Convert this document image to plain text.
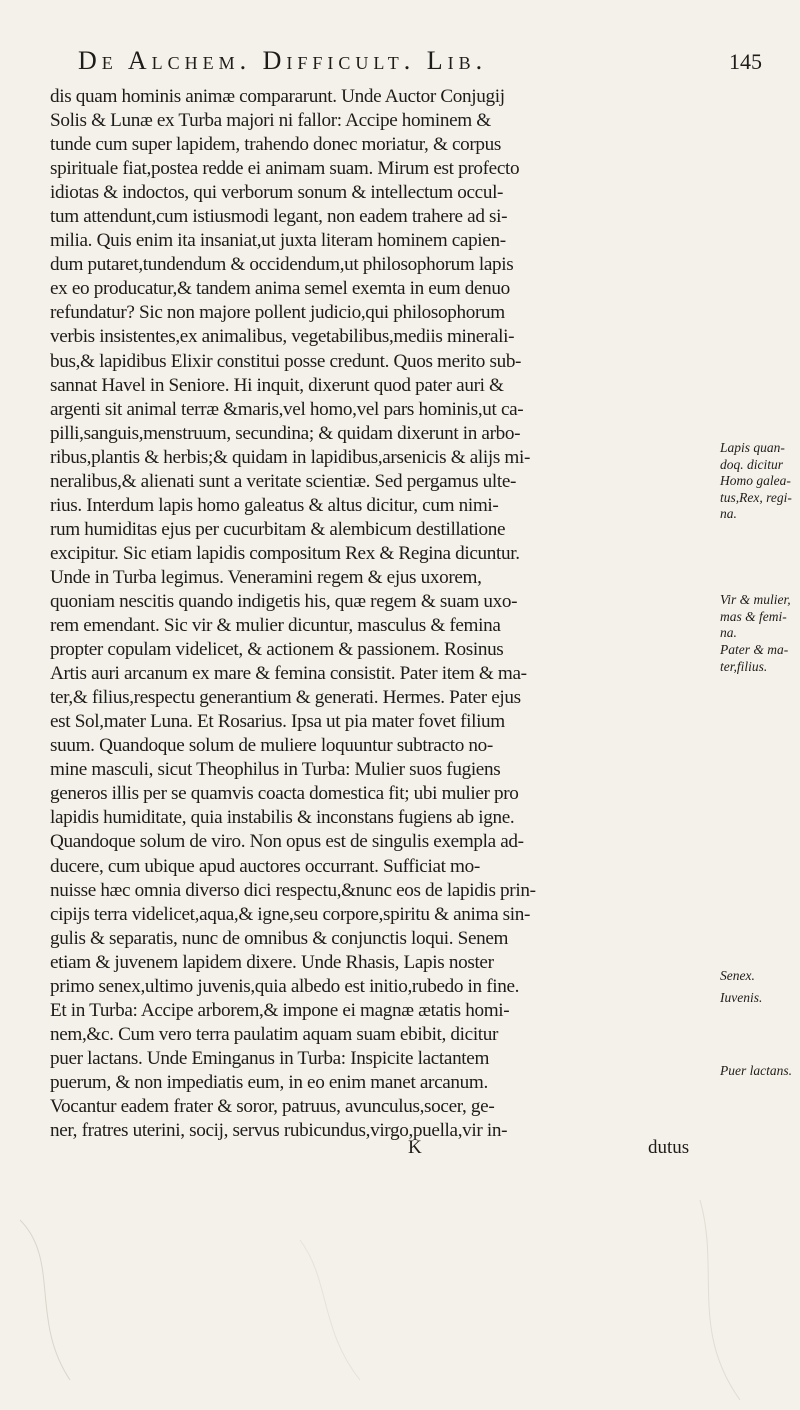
De Alchem. Difficult. Lib.	145
dis quam hominis animæ compararunt. Unde Auctor Conjugij
Solis & Lunæ ex Turba majori ni fallor: Accipe hominem &
tunde cum super lapidem, trahendo donec moriatur, & corpus
spirituale fiat,postea redde ei animam suam. Mirum est profecto
idiotas & indoctos, qui verborum sonum & intellectum occul-
tum attendunt,cum istiusmodi legant, non eadem trahere ad si-
milia. Quis enim ita insaniat,ut juxta literam hominem capien-
dum putaret,tundendum & occidendum,ut philosophorum lapis
ex eo producatur,& tandem anima semel exemta in eum denuo
refundatur? Sic non majore pollent judicio,qui philosophorum
verbis insistentes,ex animalibus, vegetabilibus,mediis minerali-
bus,& lapidibus Elixir constitui posse credunt. Quos merito sub-
sannat Havel in Seniore. Hi inquit, dixerunt quod pater auri &
argenti sit animal terræ &maris,vel homo,vel pars hominis,ut ca-
pilli,sanguis,menstruum, secundina; & quidam dixerunt in arbo-
ribus,plantis & herbis;& quidam in lapidibus,arsenicis & alijs mi-
neralibus,& alienati sunt a veritate scientiæ. Sed pergamus ulte-
rius. Interdum lapis homo galeatus & altus dicitur, cum nimi-
rum humiditas ejus per cucurbitam & alembicum destillatione
excipitur. Sic etiam lapidis compositum Rex & Regina dicuntur.
Unde in Turba legimus. Veneramini regem & ejus uxorem,
quoniam nescitis quando indigetis his, quæ regem & suam uxo-
rem emendant. Sic vir & mulier dicuntur, masculus & femina
propter copulam videlicet, & actionem & passionem. Rosinus
Artis auri arcanum ex mare & femina consistit. Pater item & ma-
ter,& filius,respectu generantium & generati. Hermes. Pater ejus
est Sol,mater Luna. Et Rosarius. Ipsa ut pia mater fovet filium
suum. Quandoque solum de muliere loquuntur subtracto no-
mine masculi, sicut Theophilus in Turba: Mulier suos fugiens
generos illis per se quamvis coacta domestica fit; ubi mulier pro
lapidis humiditate, quia instabilis & inconstans fugiens ab igne.
Quandoque solum de viro. Non opus est de singulis exempla ad-
ducere, cum ubique apud auctores occurrant. Sufficiat mo-
nuisse hæc omnia diverso dici respectu,&nunc eos de lapidis prin-
cipijs terra videlicet,aqua,& igne,seu corpore,spiritu & anima sin-
gulis & separatis, nunc de omnibus & conjunctis loqui. Senem
etiam & juvenem lapidem dixere. Unde Rhasis, Lapis noster
primo senex,ultimo juvenis,quia albedo est initio,rubedo in fine.
Et in Turba: Accipe arborem,& impone ei magnæ ætatis homi-
nem,&c. Cum vero terra paulatim aquam suam ebibit, dicitur
puer lactans. Unde Eminganus in Turba: Inspicite lactantem
puerum, & non impediatis eum, in eo enim manet arcanum.
Vocantur eadem frater & soror, patruus, avunculus,socer, ge-
ner, fratres uterini, socij, servus rubicundus,virgo,puella,vir in-
Lapis quan-
doq. dicitur
Homo galea-
tus,Rex, regi-
na.
Vir & mulier,
mas & femi-
na.
Pater & ma-
ter,filius.
Senex.
Iuvenis.
Puer lactans.
K	dutus
